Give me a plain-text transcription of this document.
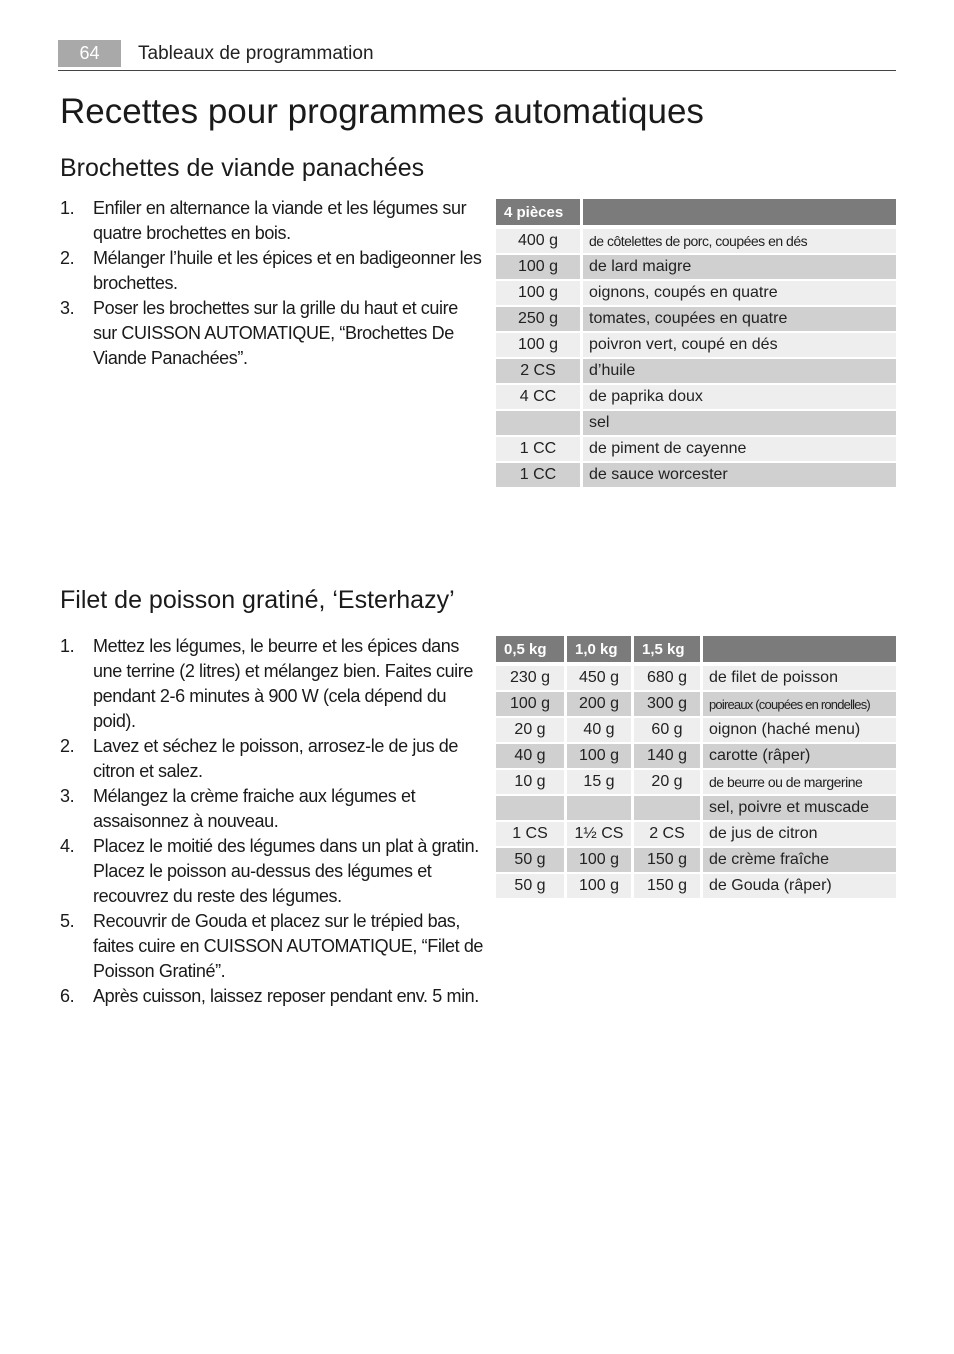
64	Tableaux de programmation
Recettes pour programmes automatiques
Brochettes de viande panachées
1. Enfiler en alternance la viande et les légumes sur quatre brochettes en bois.
2. Mélanger l’huile et les épices et en badigeonner les brochettes.
3. Poser les brochettes sur la grille du haut et cuire sur CUISSON AUTOMATIQUE, “Brochettes De Viande Panachées”.
4 pièces	
400 g	de côtelettes de porc, coupées en dés
100 g	de lard maigre
100 g	oignons, coupés en quatre
250 g	tomates, coupées en quatre
100 g	poivron vert, coupé en dés
2 CS	d’huile
4 CC	de paprika doux
	sel
1 CC	de piment de cayenne
1 CC	de sauce worcester
Filet de poisson gratiné, ‘Esterhazy’
1. Mettez les légumes, le beurre et les épices dans une terrine (2 litres) et mélangez bien. Faites cuire pendant 2-6 minutes à 900 W (cela dépend du poid).
2. Lavez et séchez le poisson, arrosez-le de jus de citron et salez.
3. Mélangez la crème fraiche aux légumes et assaisonnez à nouveau.
4. Placez le moitié des légumes dans un plat à gratin. Placez le poisson au-dessus des légumes et recouvrez du reste des légumes.
5. Recouvrir de Gouda et placez sur le trépied bas, faites cuire en CUISSON AUTOMATIQUE, “Filet de Poisson Gratiné”.
6. Après cuisson, laissez reposer pendant env. 5 min.
0,5 kg	1,0 kg	1,5 kg	
230 g	450 g	680 g	de filet de poisson
100 g	200 g	300 g	poireaux (coupées en rondelles)
20 g	40 g	60 g	oignon (haché menu)
40 g	100 g	140 g	carotte (râper)
10 g	15 g	20 g	de beurre ou de margerine
			sel, poivre et muscade
1 CS	1½ CS	2 CS	de jus de citron
50 g	100 g	150 g	de crème fraîche
50 g	100 g	150 g	de Gouda (râper)
